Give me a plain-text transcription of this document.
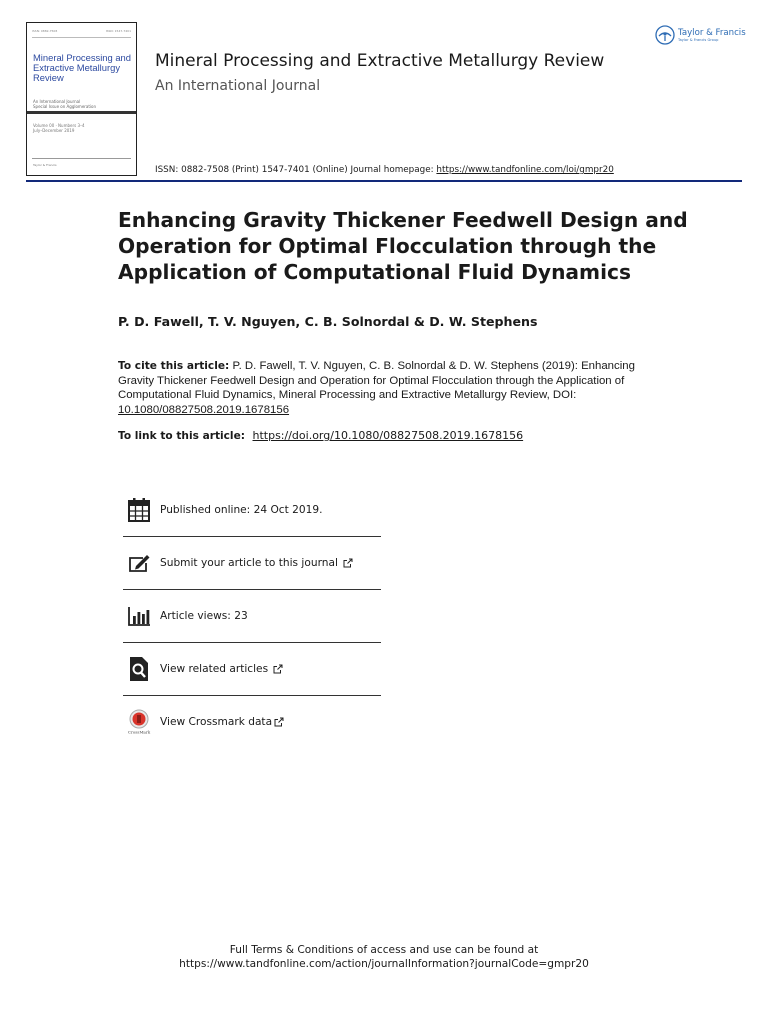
ISSN: 0882-7508	ISSN: 1547-7401
Mineral Processing and Extractive Metallurgy Review
An International Journal
Special Issue on Agglomeration
Volume 00 · Numbers 3–4
July–December 2019
Taylor & Francis
Mineral Processing and Extractive Metallurgy Review
An International Journal
Taylor & Francis
Taylor & Francis Group
ISSN: 0882-7508 (Print) 1547-7401 (Online) Journal homepage: https://www.tandfonline.com/loi/gmpr20
Enhancing Gravity Thickener Feedwell Design and Operation for Optimal Flocculation through the Application of Computational Fluid Dynamics
P. D. Fawell, T. V. Nguyen, C. B. Solnordal & D. W. Stephens
To cite this article: P. D. Fawell, T. V. Nguyen, C. B. Solnordal & D. W. Stephens (2019): Enhancing Gravity Thickener Feedwell Design and Operation for Optimal Flocculation through the Application of Computational Fluid Dynamics, Mineral Processing and Extractive Metallurgy Review, DOI: 10.1080/08827508.2019.1678156
To link to this article: https://doi.org/10.1080/08827508.2019.1678156
Published online: 24 Oct 2019.
Submit your article to this journal
Article views: 23
View related articles
CrossMark
View Crossmark data
Full Terms & Conditions of access and use can be found at
https://www.tandfonline.com/action/journalInformation?journalCode=gmpr20
